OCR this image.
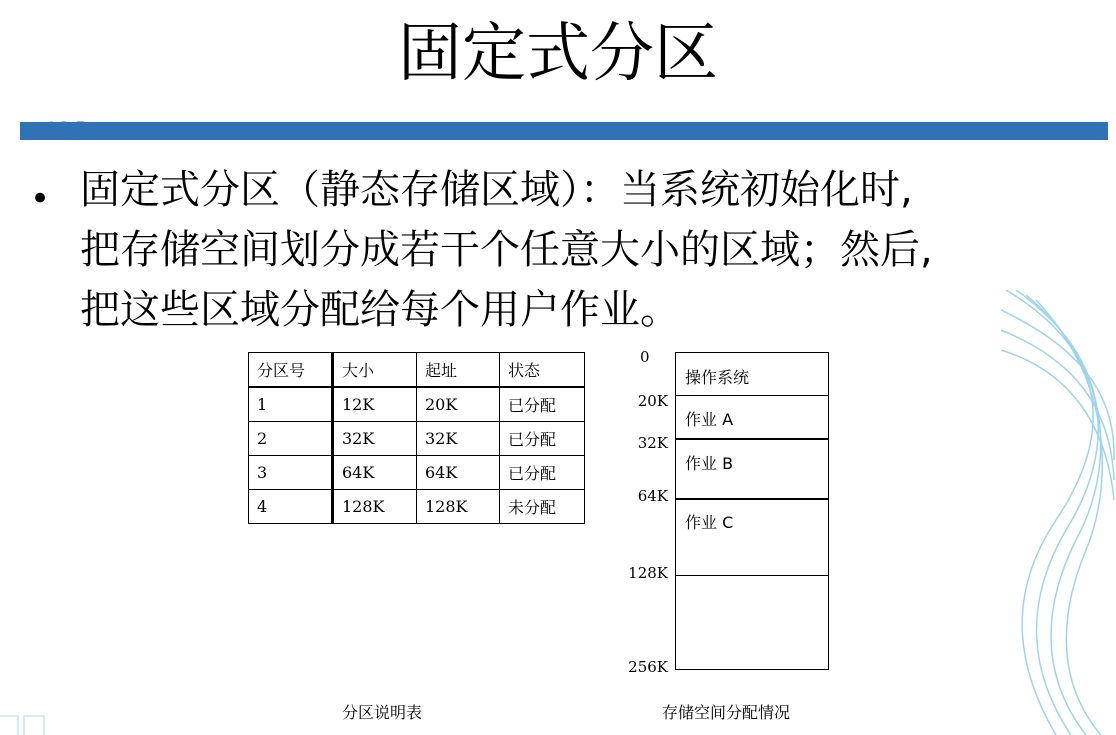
固定式分区
ΛS Γ
• 固定式分区（静态存储区域）：当系统初始化时,
把存储空间划分成若干个任意大小的区域；然后,
把这些区域分配给每个用户作业。
分区号	大小	起址	状态
1	12K	20K	已分配
2	32K	32K	已分配
3	64K	64K	已分配
4	128K	128K	未分配
分区说明表
0
20K
32K
64K
128K
256K
操作系统
作业 A
作业 B
作业 C
存储空间分配情况
